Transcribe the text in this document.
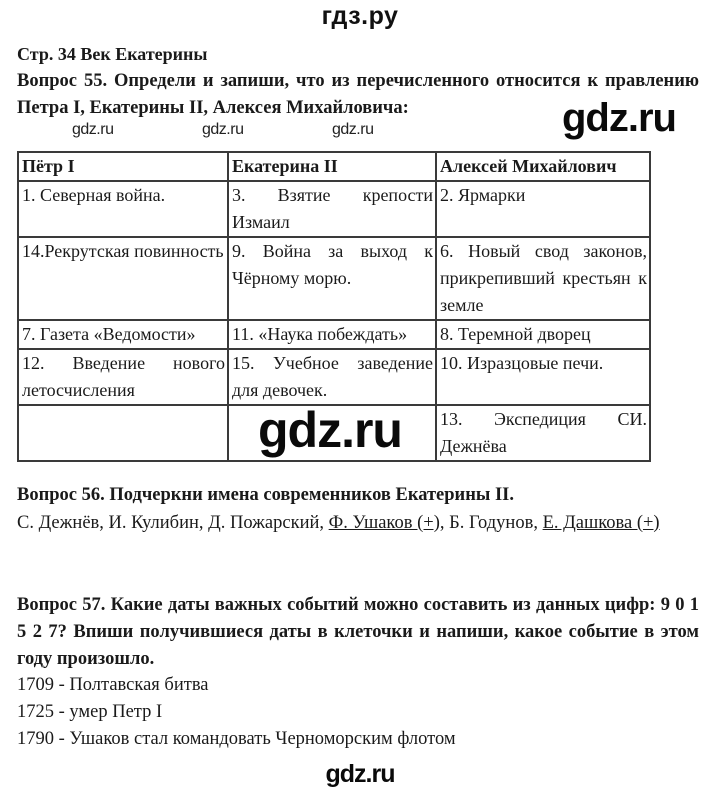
гдз.ру
Стр. 34 Век Екатерины
Вопрос 55. Определи и запиши, что из перечисленного относится к правлению Петра I, Екатерины II, Алексея Михайловича:
gdz.ru	gdz.ru	gdz.ru	gdz.ru
Пётр I	Екатерина II	Алексей Михайлович
1. Северная война.	3. Взятие крепости Измаил	2. Ярмарки
14.Рекрутская повинность	9. Война за выход к Чёрному морю.	6. Новый свод законов, прикрепивший крестьян к земле
7. Газета «Ведомости»	11. «Наука побеждать»	8. Теремной дворец
12. Введение нового летосчисления	15. Учебное заведение для девочек.	10. Изразцовые печи.
		13. Экспедиция СИ. Дежнёва
gdz.ru
Вопрос 56. Подчеркни имена современников Екатерины II.
С. Дежнёв, И. Кулибин, Д. Пожарский, Ф. Ушаков (+), Б. Годунов, Е. Дашкова (+)
Вопрос 57. Какие даты важных событий можно составить из данных цифр: 9 0 1 5 2 7? Впиши получившиеся даты в клеточки и напиши, какое событие в этом году произошло.
1709 - Полтавская битва
1725 - умер Петр I
1790 - Ушаков стал командовать Черноморским флотом
gdz.ru
